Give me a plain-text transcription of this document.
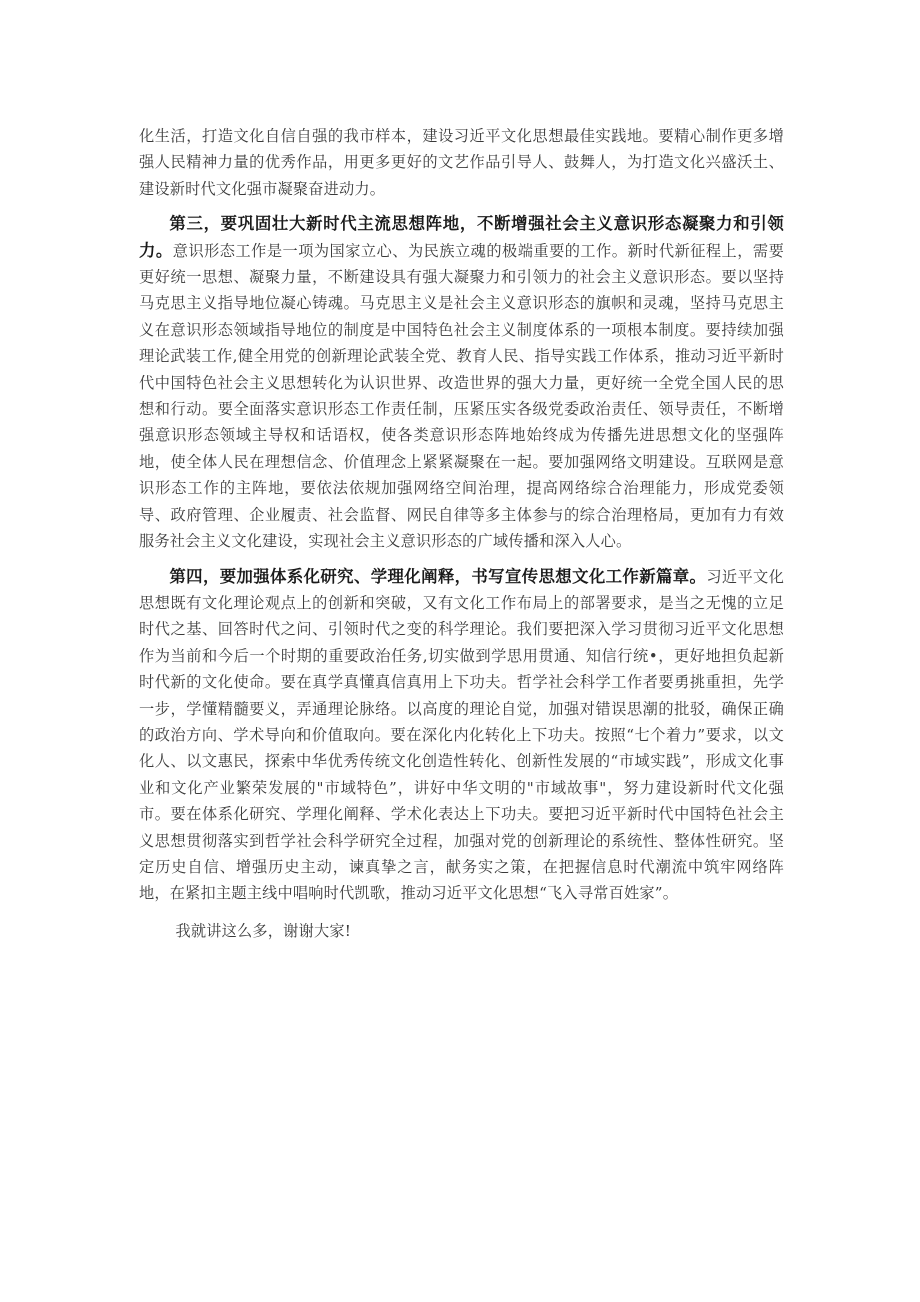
化生活，打造文化自信自强的我市样本，建设习近平文化思想最佳实践地。要精心制作更多增强人民精神力量的优秀作品，用更多更好的文艺作品引导人、鼓舞人，为打造文化兴盛沃土、建设新时代文化强市凝聚奋进动力。

第三，要巩固壮大新时代主流思想阵地，不断增强社会主义意识形态凝聚力和引领力。意识形态工作是一项为国家立心、为民族立魂的极端重要的工作。新时代新征程上，需要更好统一思想、凝聚力量，不断建设具有强大凝聚力和引领力的社会主义意识形态。要以坚持马克思主义指导地位凝心铸魂。马克思主义是社会主义意识形态的旗帜和灵魂，坚持马克思主义在意识形态领域指导地位的制度是中国特色社会主义制度体系的一项根本制度。要持续加强理论武装工作,健全用党的创新理论武装全党、教育人民、指导实践工作体系，推动习近平新时代中国特色社会主义思想转化为认识世界、改造世界的强大力量，更好统一全党全国人民的思想和行动。要全面落实意识形态工作责任制，压紧压实各级党委政治责任、领导责任，不断增强意识形态领域主导权和话语权，使各类意识形态阵地始终成为传播先进思想文化的坚强阵地，使全体人民在理想信念、价值理念上紧紧凝聚在一起。要加强网络文明建设。互联网是意识形态工作的主阵地，要依法依规加强网络空间治理，提高网络综合治理能力，形成党委领导、政府管理、企业履责、社会监督、网民自律等多主体参与的综合治理格局，更加有力有效服务社会主义文化建设，实现社会主义意识形态的广域传播和深入人心。

第四，要加强体系化研究、学理化阐释，书写宣传思想文化工作新篇章。习近平文化思想既有文化理论观点上的创新和突破，又有文化工作布局上的部署要求，是当之无愧的立足时代之基、回答时代之问、引领时代之变的科学理论。我们要把深入学习贯彻习近平文化思想作为当前和今后一个时期的重要政治任务,切实做到学思用贯通、知信行统•，更好地担负起新时代新的文化使命。要在真学真懂真信真用上下功夫。哲学社会科学工作者要勇挑重担，先学一步，学懂精髓要义，弄通理论脉络。以高度的理论自觉，加强对错误思潮的批驳，确保正确的政治方向、学术导向和价值取向。要在深化内化转化上下功夫。按照“七个着力”要求，以文化人、以文惠民，探索中华优秀传统文化创造性转化、创新性发展的“市域实践”，形成文化事业和文化产业繁荣发展的"市域特色”，讲好中华文明的"市域故事"，努力建设新时代文化强市。要在体系化研究、学理化阐释、学术化表达上下功夫。要把习近平新时代中国特色社会主义思想贯彻落实到哲学社会科学研究全过程，加强对党的创新理论的系统性、整体性研究。坚定历史自信、增强历史主动，谏真挚之言，献务实之策，在把握信息时代潮流中筑牢网络阵地，在紧扣主题主线中唱响时代凯歌，推动习近平文化思想“飞入寻常百姓家”。

我就讲这么多，谢谢大家!
